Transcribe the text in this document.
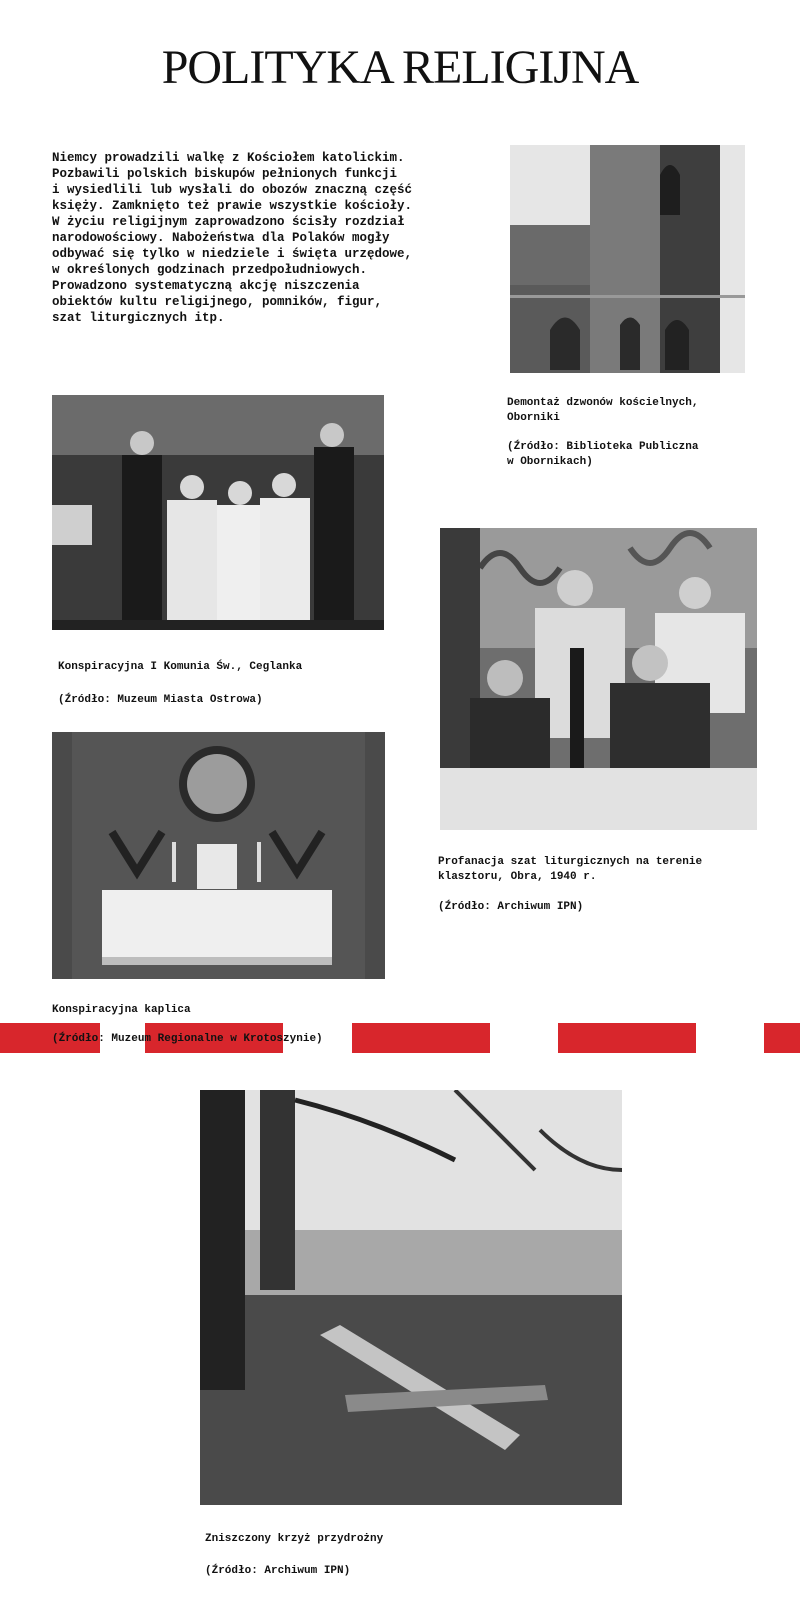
POLITYKA RELIGIJNA
Niemcy prowadzili walkę z Kościołem katolickim.
Pozbawili polskich biskupów pełnionych funkcji
i wysiedlili lub wysłali do obozów znaczną część
księży. Zamknięto też prawie wszystkie kościoły.
W życiu religijnym zaprowadzono ścisły rozdział
narodowościowy. Nabożeństwa dla Polaków mogły
odbywać się tylko w niedziele i święta urzędowe,
w określonych godzinach przedpołudniowych.
Prowadzono systematyczną akcję niszczenia
obiektów kultu religijnego, pomników, figur,
szat liturgicznych itp.
Demontaż dzwonów kościelnych,
Oborniki
(Źródło: Biblioteka Publiczna
w Obornikach)
Konspiracyjna I Komunia Św., Ceglanka
(Źródło: Muzeum Miasta Ostrowa)
Profanacja szat liturgicznych na terenie
klasztoru, Obra, 1940 r.
(Źródło: Archiwum IPN)
Konspiracyjna kaplica
(Źródło: Muzeum Regionalne w Krotoszynie)
Zniszczony krzyż przydrożny
(Źródło: Archiwum IPN)
